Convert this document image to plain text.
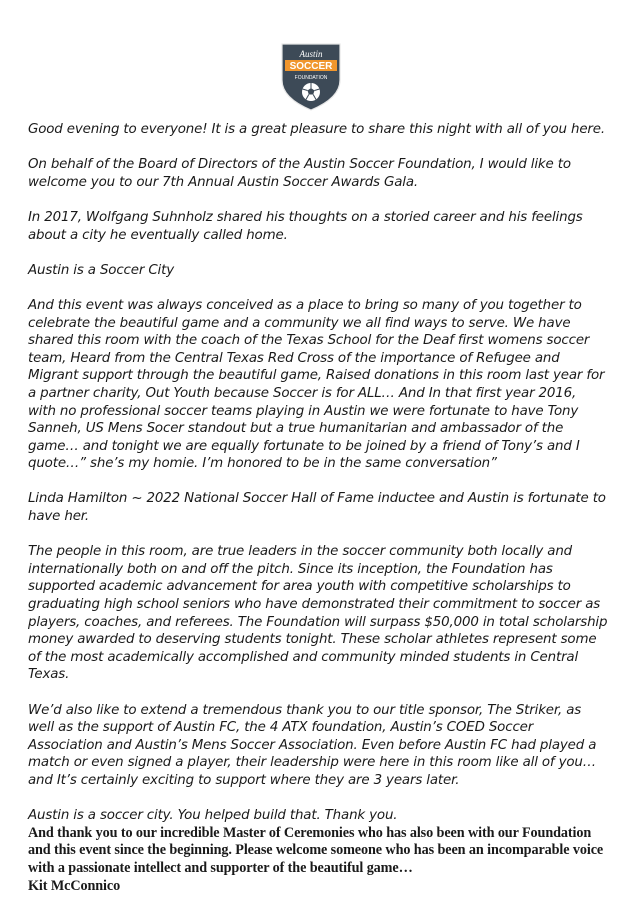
Austin
SOCCER
FOUNDATION

Good evening to everyone! It is a great pleasure to share this night with all of you here.

On behalf of the Board of Directors of the Austin Soccer Foundation, I would like to welcome you to our 7th Annual Austin Soccer Awards Gala.

In 2017, Wolfgang Suhnholz shared his thoughts on a storied career and his feelings about a city he eventually called home.

Austin is a Soccer City

And this event was always conceived as a place to bring so many of you together to celebrate the beautiful game and a community we all find ways to serve. We have shared this room with the coach of the Texas School for the Deaf first womens soccer team, Heard from the Central Texas Red Cross of the importance of Refugee and Migrant support through the beautiful game, Raised donations in this room last year for a partner charity, Out Youth because Soccer is for ALL… And In that first year 2016, with no professional soccer teams playing in Austin we were fortunate to have Tony Sanneh, US Mens Socer standout but a true humanitarian and ambassador of the game… and tonight we are equally fortunate to be joined by a friend of Tony’s and I quote…” she’s my homie. I’m honored to be in the same conversation”

Linda Hamilton ~ 2022 National Soccer Hall of Fame inductee and Austin is fortunate to have her.

The people in this room, are true leaders in the soccer community both locally and internationally both on and off the pitch. Since its inception, the Foundation has supported academic advancement for area youth with competitive scholarships to graduating high school seniors who have demonstrated their commitment to soccer as players, coaches, and referees. The Foundation will surpass $50,000 in total scholarship money awarded to deserving students tonight. These scholar athletes represent some of the most academically accomplished and community minded students in Central Texas.

We’d also like to extend a tremendous thank you to our title sponsor, The Striker, as well as the support of Austin FC, the 4 ATX foundation, Austin’s COED Soccer Association and Austin’s Mens Soccer Association. Even before Austin FC had played a match or even signed a player, their leadership were here in this room like all of you… and It’s certainly exciting to support where they are 3 years later.

Austin is a soccer city. You helped build that. Thank you.

And thank you to our incredible Master of Ceremonies who has also been with our Foundation and this event since the beginning. Please welcome someone who has been an incomparable voice with a passionate intellect and supporter of the beautiful game…
Kit McConnico
